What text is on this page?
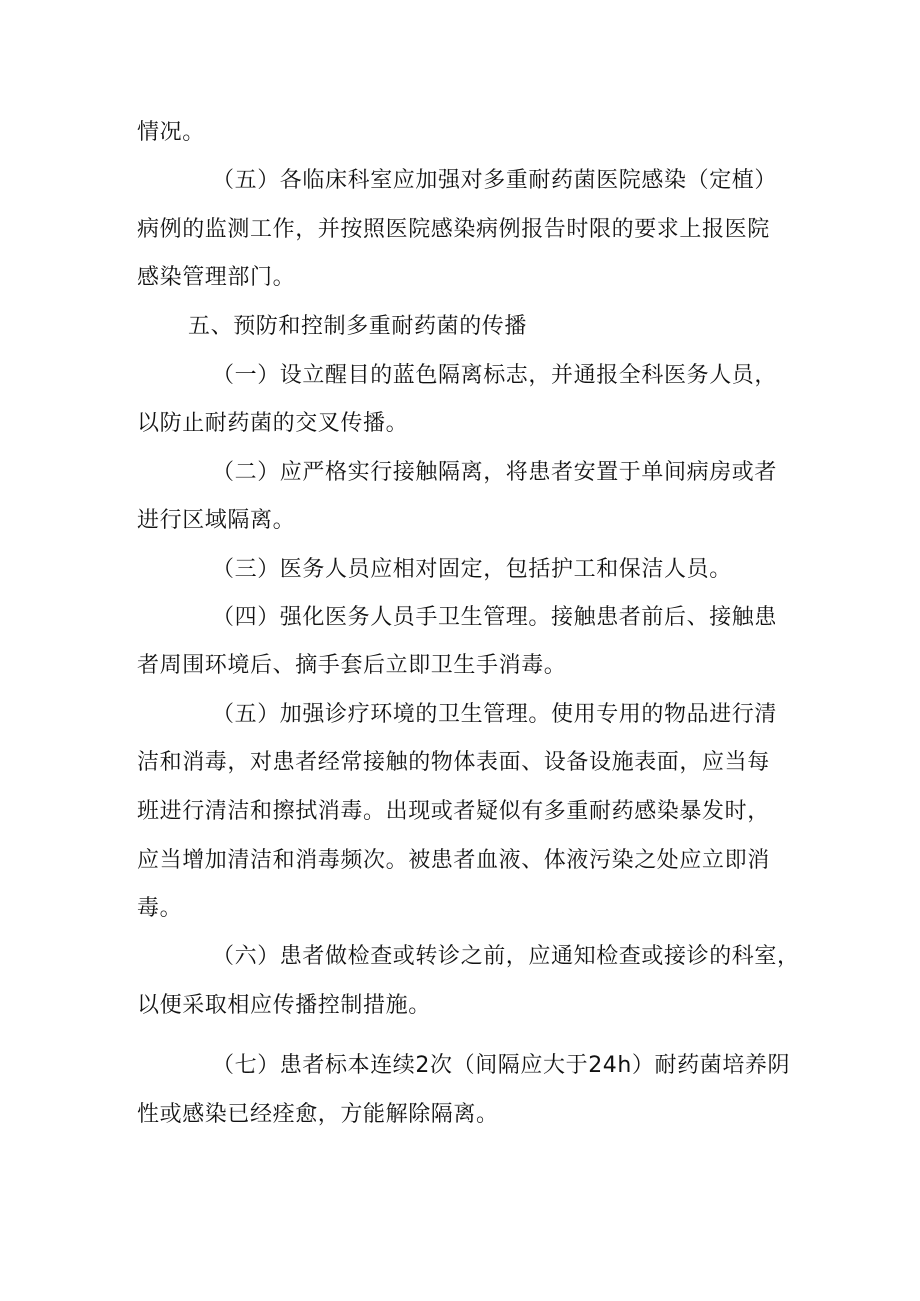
情况。
（五）各临床科室应加强对多重耐药菌医院感染（定植）
病例的监测工作，并按照医院感染病例报告时限的要求上报医院
感染管理部门。
五、预防和控制多重耐药菌的传播
（一）设立醒目的蓝色隔离标志，并通报全科医务人员，
以防止耐药菌的交叉传播。
（二）应严格实行接触隔离，将患者安置于单间病房或者
进行区域隔离。
（三）医务人员应相对固定，包括护工和保洁人员。
（四）强化医务人员手卫生管理。接触患者前后、接触患
者周围环境后、摘手套后立即卫生手消毒。
（五）加强诊疗环境的卫生管理。使用专用的物品进行清
洁和消毒，对患者经常接触的物体表面、设备设施表面，应当每
班进行清洁和擦拭消毒。出现或者疑似有多重耐药感染暴发时，
应当增加清洁和消毒频次。被患者血液、体液污染之处应立即消
毒。
（六）患者做检查或转诊之前，应通知检查或接诊的科室，
以便采取相应传播控制措施。
（七）患者标本连续2次（间隔应大于24h）耐药菌培养阴
性或感染已经痊愈，方能解除隔离。
